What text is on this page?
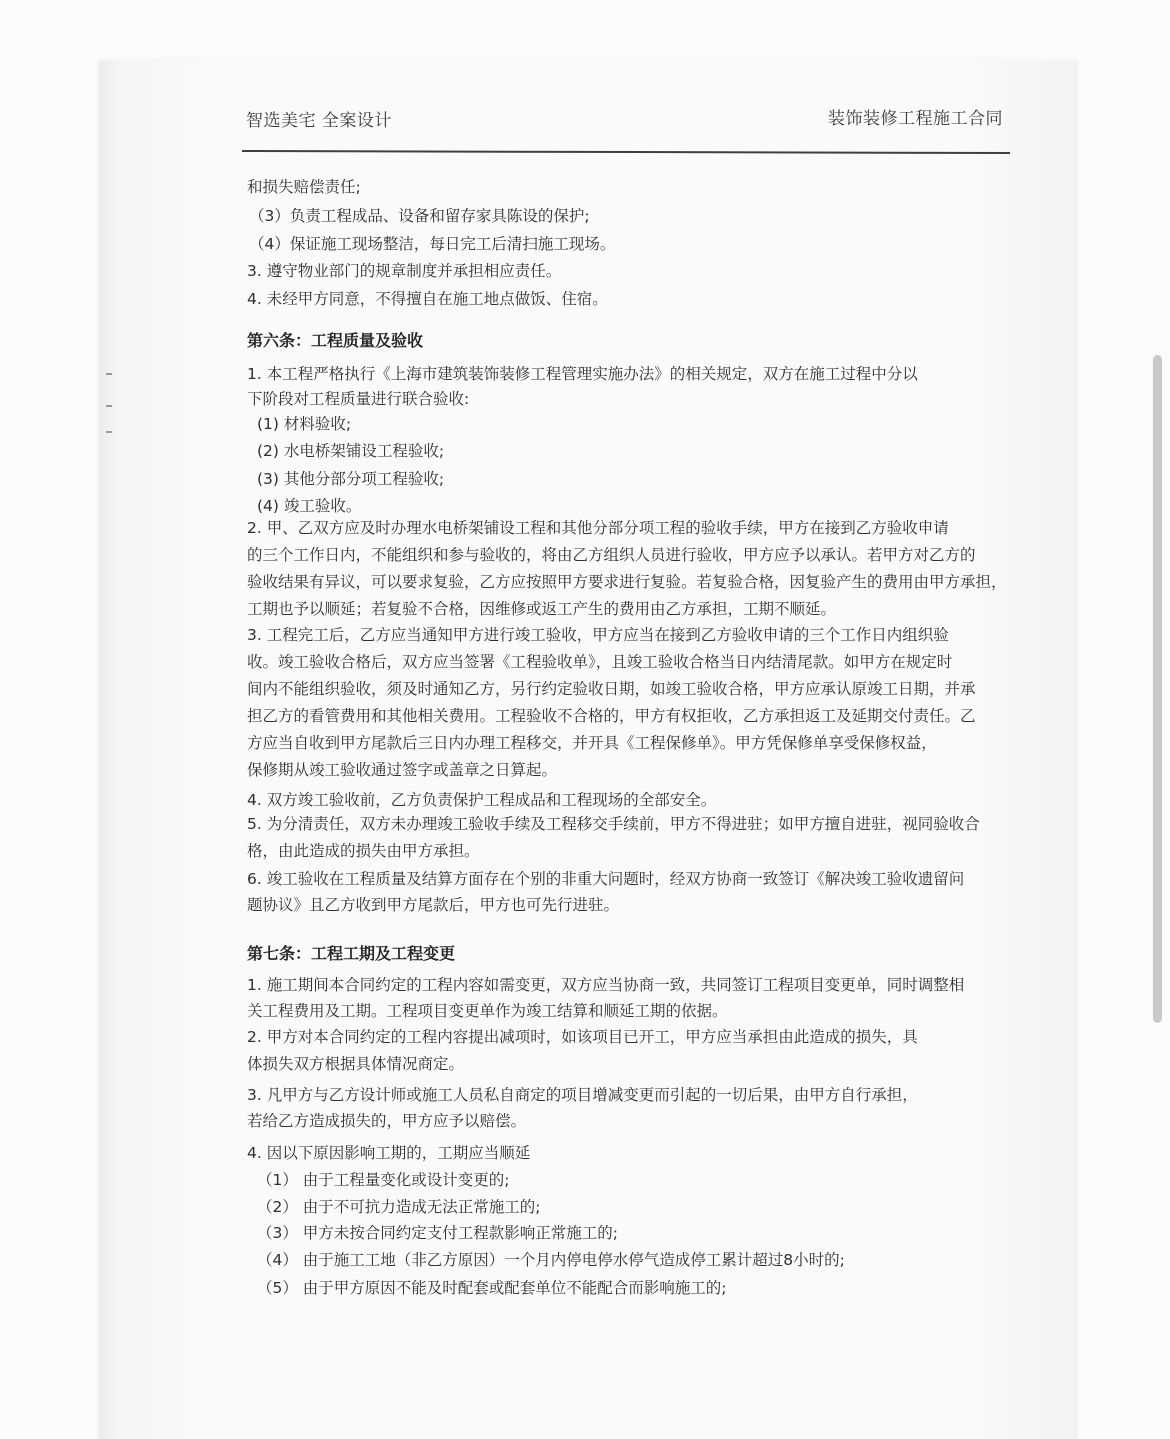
智选美宅 全案设计	装饰装修工程施工合同
和损失赔偿责任;
（3）负责工程成品、设备和留存家具陈设的保护;
（4）保证施工现场整洁，每日完工后清扫施工现场。
3. 遵守物业部门的规章制度并承担相应责任。
4. 未经甲方同意，不得擅自在施工地点做饭、住宿。
第六条：工程质量及验收
1. 本工程严格执行《上海市建筑装饰装修工程管理实施办法》的相关规定，双方在施工过程中分以
下阶段对工程质量进行联合验收:
(1) 材料验收;
(2) 水电桥架铺设工程验收;
(3) 其他分部分项工程验收;
(4) 竣工验收。
2. 甲、乙双方应及时办理水电桥架铺设工程和其他分部分项工程的验收手续，甲方在接到乙方验收申请
的三个工作日内，不能组织和参与验收的，将由乙方组织人员进行验收，甲方应予以承认。若甲方对乙方的
验收结果有异议，可以要求复验，乙方应按照甲方要求进行复验。若复验合格，因复验产生的费用由甲方承担，
工期也予以顺延；若复验不合格，因维修或返工产生的费用由乙方承担，工期不顺延。
3. 工程完工后，乙方应当通知甲方进行竣工验收，甲方应当在接到乙方验收申请的三个工作日内组织验
收。竣工验收合格后，双方应当签署《工程验收单》，且竣工验收合格当日内结清尾款。如甲方在规定时
间内不能组织验收，须及时通知乙方，另行约定验收日期，如竣工验收合格，甲方应承认原竣工日期，并承
担乙方的看管费用和其他相关费用。工程验收不合格的，甲方有权拒收，乙方承担返工及延期交付责任。乙
方应当自收到甲方尾款后三日内办理工程移交，并开具《工程保修单》。甲方凭保修单享受保修权益，
保修期从竣工验收通过签字或盖章之日算起。
4. 双方竣工验收前，乙方负责保护工程成品和工程现场的全部安全。
5. 为分清责任，双方未办理竣工验收手续及工程移交手续前，甲方不得进驻；如甲方擅自进驻，视同验收合
格，由此造成的损失由甲方承担。
6. 竣工验收在工程质量及结算方面存在个别的非重大问题时，经双方协商一致签订《解决竣工验收遗留问
题协议》且乙方收到甲方尾款后，甲方也可先行进驻。
第七条：工程工期及工程变更
1. 施工期间本合同约定的工程内容如需变更，双方应当协商一致，共同签订工程项目变更单，同时调整相
关工程费用及工期。工程项目变更单作为竣工结算和顺延工期的依据。
2. 甲方对本合同约定的工程内容提出减项时，如该项目已开工，甲方应当承担由此造成的损失，具
体损失双方根据具体情况商定。
3. 凡甲方与乙方设计师或施工人员私自商定的项目增减变更而引起的一切后果，由甲方自行承担，
若给乙方造成损失的，甲方应予以赔偿。
4. 因以下原因影响工期的，工期应当顺延
（1） 由于工程量变化或设计变更的;
（2） 由于不可抗力造成无法正常施工的;
（3） 甲方未按合同约定支付工程款影响正常施工的;
（4） 由于施工工地（非乙方原因）一个月内停电停水停气造成停工累计超过8小时的;
（5） 由于甲方原因不能及时配套或配套单位不能配合而影响施工的;
